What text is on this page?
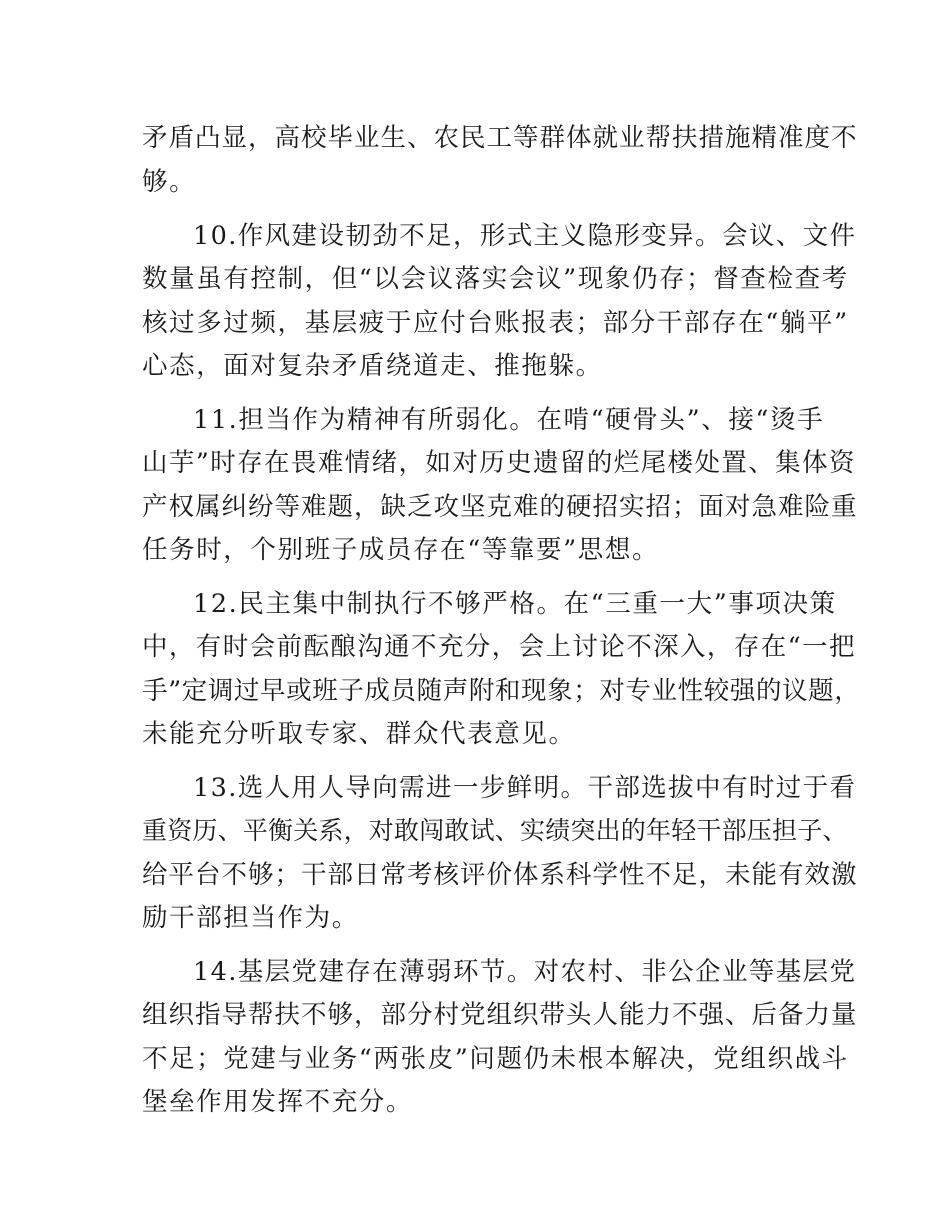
矛盾凸显，高校毕业生、农民工等群体就业帮扶措施精准度不
够。
10.作风建设韧劲不足，形式主义隐形变异。会议、文件
数量虽有控制，但“以会议落实会议”现象仍存；督查检查考
核过多过频，基层疲于应付台账报表；部分干部存在“躺平”
心态，面对复杂矛盾绕道走、推拖躲。
11.担当作为精神有所弱化。在啃“硬骨头”、接“烫手
山芋”时存在畏难情绪，如对历史遗留的烂尾楼处置、集体资
产权属纠纷等难题，缺乏攻坚克难的硬招实招；面对急难险重
任务时，个别班子成员存在“等靠要”思想。
12.民主集中制执行不够严格。在“三重一大”事项决策
中，有时会前酝酿沟通不充分，会上讨论不深入，存在“一把
手”定调过早或班子成员随声附和现象；对专业性较强的议题，
未能充分听取专家、群众代表意见。
13.选人用人导向需进一步鲜明。干部选拔中有时过于看
重资历、平衡关系，对敢闯敢试、实绩突出的年轻干部压担子、
给平台不够；干部日常考核评价体系科学性不足，未能有效激
励干部担当作为。
14.基层党建存在薄弱环节。对农村、非公企业等基层党
组织指导帮扶不够，部分村党组织带头人能力不强、后备力量
不足；党建与业务“两张皮”问题仍未根本解决，党组织战斗
堡垒作用发挥不充分。
